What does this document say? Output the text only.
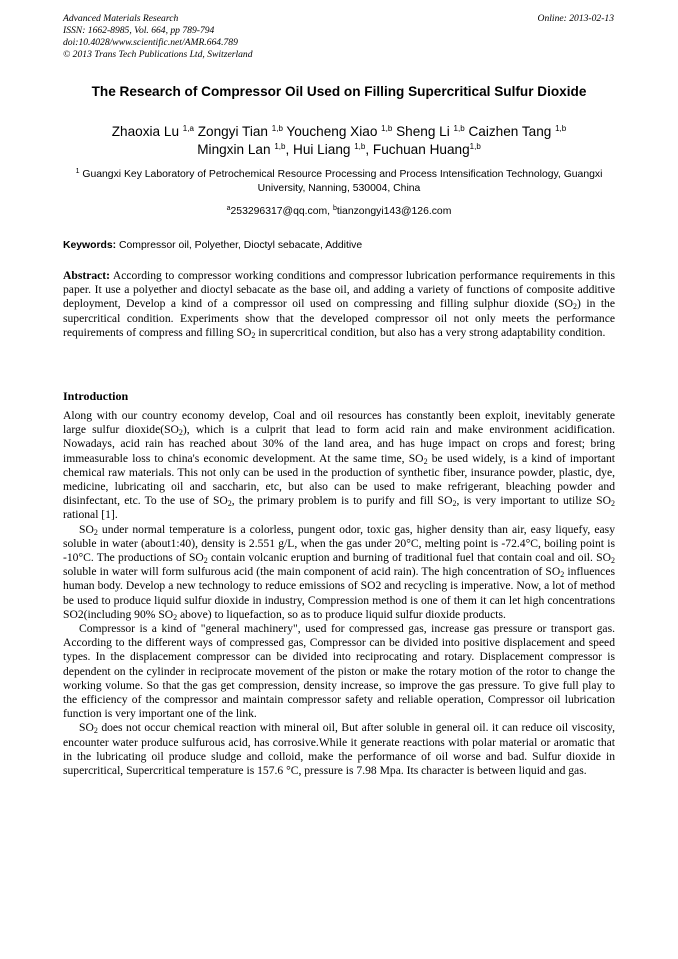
Advanced Materials Research
ISSN: 1662-8985, Vol. 664, pp 789-794
doi:10.4028/www.scientific.net/AMR.664.789
© 2013 Trans Tech Publications Ltd, Switzerland
Online: 2013-02-13
The Research of Compressor Oil Used on Filling Supercritical Sulfur Dioxide
Zhaoxia Lu $^{1,a}$ Zongyi Tian $^{1,b}$ Youcheng Xiao $^{1,b}$ Sheng Li $^{1,b}$ Caizhen Tang $^{1,b}$
Mingxin Lan $^{1,b}$, Hui Liang $^{1,b}$, Fuchuan Huang$^{1,b}$
$^1$ Guangxi Key Laboratory of Petrochemical Resource Processing and Process Intensification Technology, Guangxi University, Nanning, 530004, China
$^a$253296317@qq.com, $^b$tianzongyi143@126.com
Keywords: Compressor oil, Polyether, Dioctyl sebacate, Additive
Abstract: According to compressor working conditions and compressor lubrication performance requirements in this paper. It use a polyether and dioctyl sebacate as the base oil, and adding a variety of functions of composite additive deployment, Develop a kind of a compressor oil used on compressing and filling sulphur dioxide $(SO_2)$ in the supercritical condition. Experiments show that the developed compressor oil not only meets the performance requirements of compress and filling $SO_2$ in supercritical condition, but also has a very strong adaptability condition.
Introduction

Along with our country economy develop, Coal and oil resources has constantly been exploit, inevitably generate large sulfur $dioxide(SO_2)$, which is a culprit that lead to form acid rain and make environment acidification. Nowadays, acid rain has reached about 30% of the land area, and has huge impact on crops and forest; bring immeasurable loss to china's economic development. At the same time, $SO_2$ be used widely, is a kind of important chemical raw materials. This not only can be used in the production of synthetic fiber, insurance powder, plastic, dye, medicine, lubricating oil and saccharin, etc, but also can be used to make refrigerant, bleaching powder and disinfectant, etc. To the use of $SO_2$, the primary problem is to purify and fill $SO_2$, is very important to utilize $SO_2$ rational [1].

$SO_2$ under normal temperature is a colorless, pungent odor, toxic gas, higher density than air, easy liquefy, easy soluble in water (about1:40), density is 2.551 g/L, when the gas under 20°C, melting point is -72.4°C, boiling point is -10°C. The productions of $SO_2$ contain volcanic eruption and burning of traditional fuel that contain coal and oil. $SO_2$ soluble in water will form sulfurous acid (the main component of acid rain). The high concentration of $SO_2$ influences human body. Develop a new technology to reduce emissions of SO2 and recycling is imperative. Now, a lot of method be used to produce liquid sulfur dioxide in industry, Compression method is one of them it can let high concentrations SO2(including 90% $SO_2$ above) to liquefaction, so as to produce liquid sulfur dioxide products.

Compressor is a kind of "general machinery", used for compressed gas, increase gas pressure or transport gas. According to the different ways of compressed gas, Compressor can be divided into positive displacement and speed types. In the displacement compressor can be divided into reciprocating and rotary. Displacement compressor is dependent on the cylinder in reciprocate movement of the piston or make the rotary motion of the rotor to change the working volume. So that the gas get compression, density increase, so improve the gas pressure. To give full play to the efficiency of the compressor and maintain compressor safety and reliable operation, Compressor oil lubrication function is very important one of the link.

$SO_2$ does not occur chemical reaction with mineral oil, But after soluble in general oil. it can reduce oil viscosity, encounter water produce sulfurous acid, has corrosive.While it generate reactions with polar material or aromatic that in the lubricating oil produce sludge and colloid, make the performance of oil worse and bad. Sulfur dioxide in supercritical, Supercritical temperature is 157.6 °C, pressure is 7.98 Mpa. Its character is between liquid and gas.
